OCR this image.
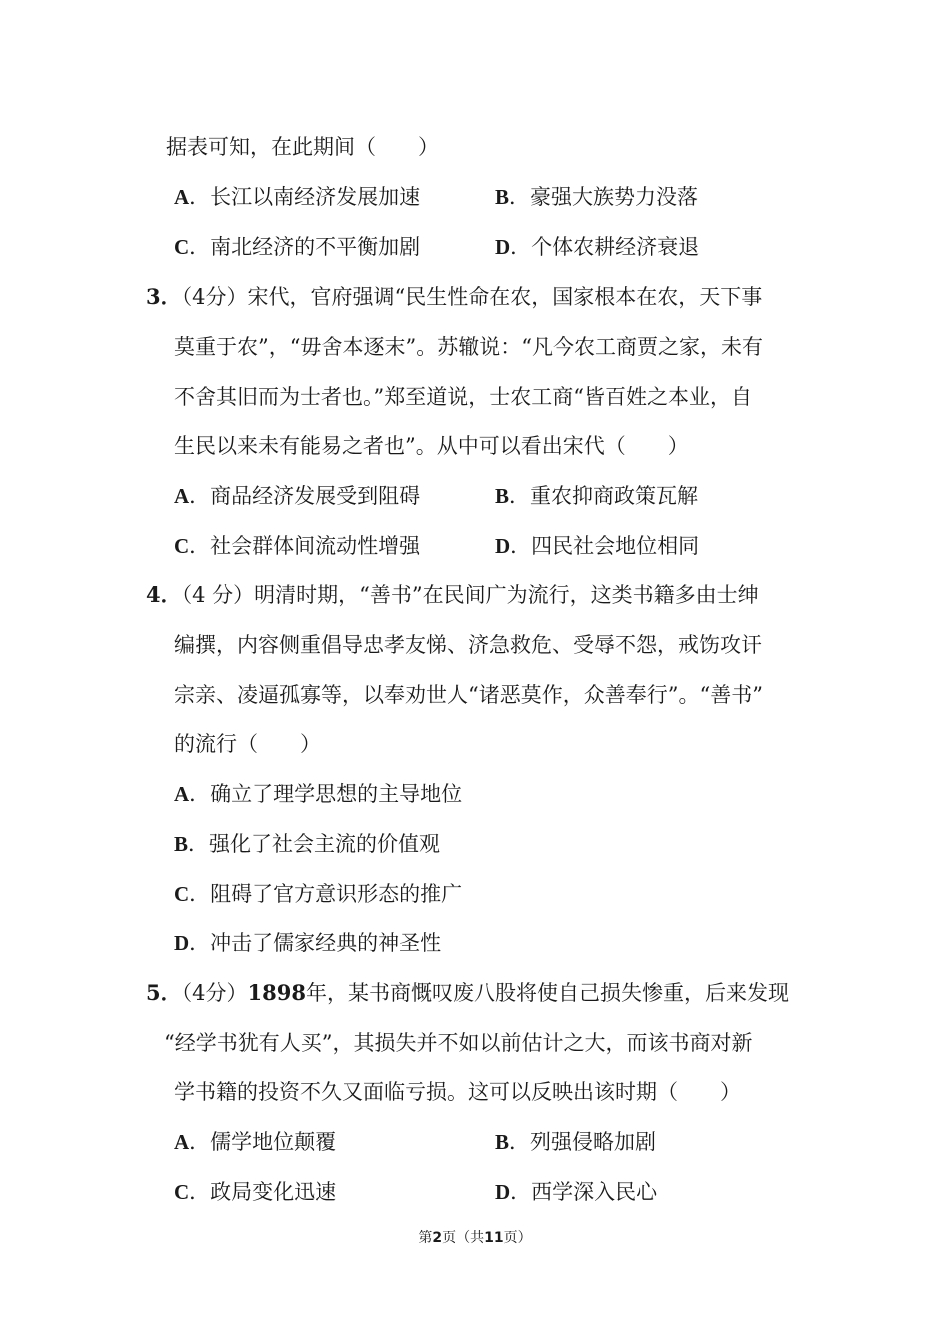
据表可知，在此期间（　　）
A．长江以南经济发展加速	B．豪强大族势力没落
C．南北经济的不平衡加剧	D．个体农耕经济衰退
3．（4分）宋代，官府强调“民生性命在农，国家根本在农，天下事
莫重于农”，“毋舍本逐末”。苏辙说：“凡今农工商贾之家，未有
不舍其旧而为士者也。”郑至道说，士农工商“皆百姓之本业，自
生民以来未有能易之者也”。从中可以看出宋代（　　）
A．商品经济发展受到阻碍	B．重农抑商政策瓦解
C．社会群体间流动性增强	D．四民社会地位相同
4．（4 分）明清时期，“善书”在民间广为流行，这类书籍多由士绅
编撰，内容侧重倡导忠孝友悌、济急救危、受辱不怨，戒饬攻讦
宗亲、凌逼孤寡等，以奉劝世人“诸恶莫作，众善奉行”。“善书”
的流行（　　）
A．确立了理学思想的主导地位
B．强化了社会主流的价值观
C．阻碍了官方意识形态的推广
D．冲击了儒家经典的神圣性
5．（4分）1898年，某书商慨叹废八股将使自己损失惨重，后来发现
“经学书犹有人买”，其损失并不如以前估计之大，而该书商对新
学书籍的投资不久又面临亏损。这可以反映出该时期（　　）
A．儒学地位颠覆	B．列强侵略加剧
C．政局变化迅速	D．西学深入民心
第2页（共11页）
